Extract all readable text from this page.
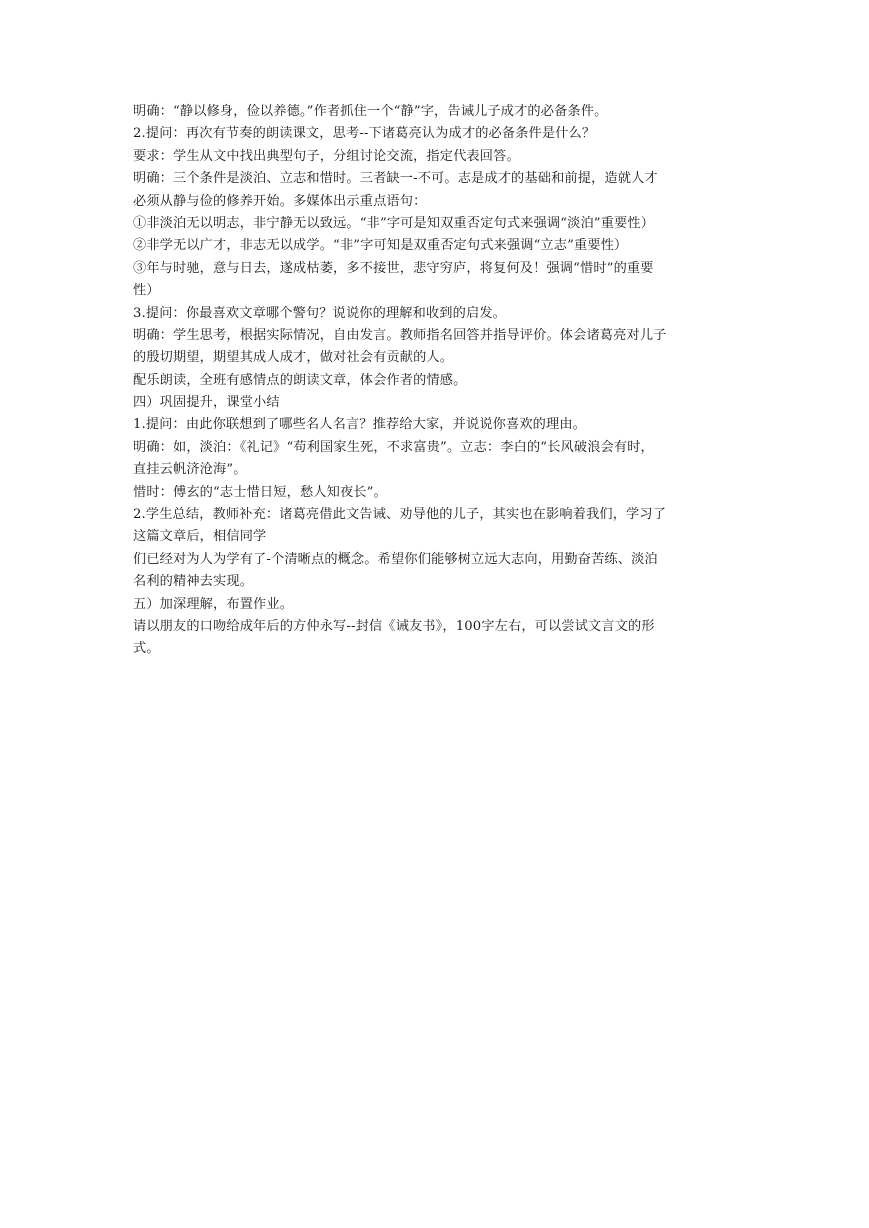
明确：“静以修身，俭以养德。”作者抓住一个“静”字，告诫儿子成才的必备条件。
2.提问：再次有节奏的朗读课文，思考--下诸葛亮认为成才的必备条件是什么？
要求：学生从文中找出典型句子，分组讨论交流，指定代表回答。
明确：三个条件是淡泊、立志和惜时。三者缺一-不可。志是成才的基础和前提，造就人才
必须从静与俭的修养开始。多媒体出示重点语句：
①非淡泊无以明志，非宁静无以致远。“非”字可是知双重否定句式来强调“淡泊”重要性）
②非学无以广才，非志无以成学。“非”字可知是双重否定句式来强调“立志”重要性）
③年与时驰，意与日去，遂成枯萎，多不接世，悲守穷庐，将复何及！强调“惜时”的重要
性）
3.提问：你最喜欢文章哪个警句？说说你的理解和收到的启发。
明确：学生思考，根据实际情况，自由发言。教师指名回答并指导评价。体会诸葛亮对儿子
的殷切期望，期望其成人成才，做对社会有贡献的人。
配乐朗读，全班有感情点的朗读文章，体会作者的情感。
四）巩固提升，课堂小结
1.提问：由此你联想到了哪些名人名言？推荐给大家，并说说你喜欢的理由。
明确：如，淡泊：《礼记》“苟利国家生死，不求富贵”。立志：李白的“长风破浪会有时，
直挂云帆济沧海”。
惜时：傅玄的“志士惜日短，愁人知夜长”。
2.学生总结，教师补充：诸葛亮借此文告诫、劝导他的儿子，其实也在影响着我们，学习了
这篇文章后，相信同学
们已经对为人为学有了-个清晰点的概念。希望你们能够树立远大志向，用勤奋苦练、淡泊
名利的精神去实现。
五）加深理解，布置作业。
请以朋友的口吻给成年后的方仲永写--封信《诫友书》，100字左右，可以尝试文言文的形
式。
